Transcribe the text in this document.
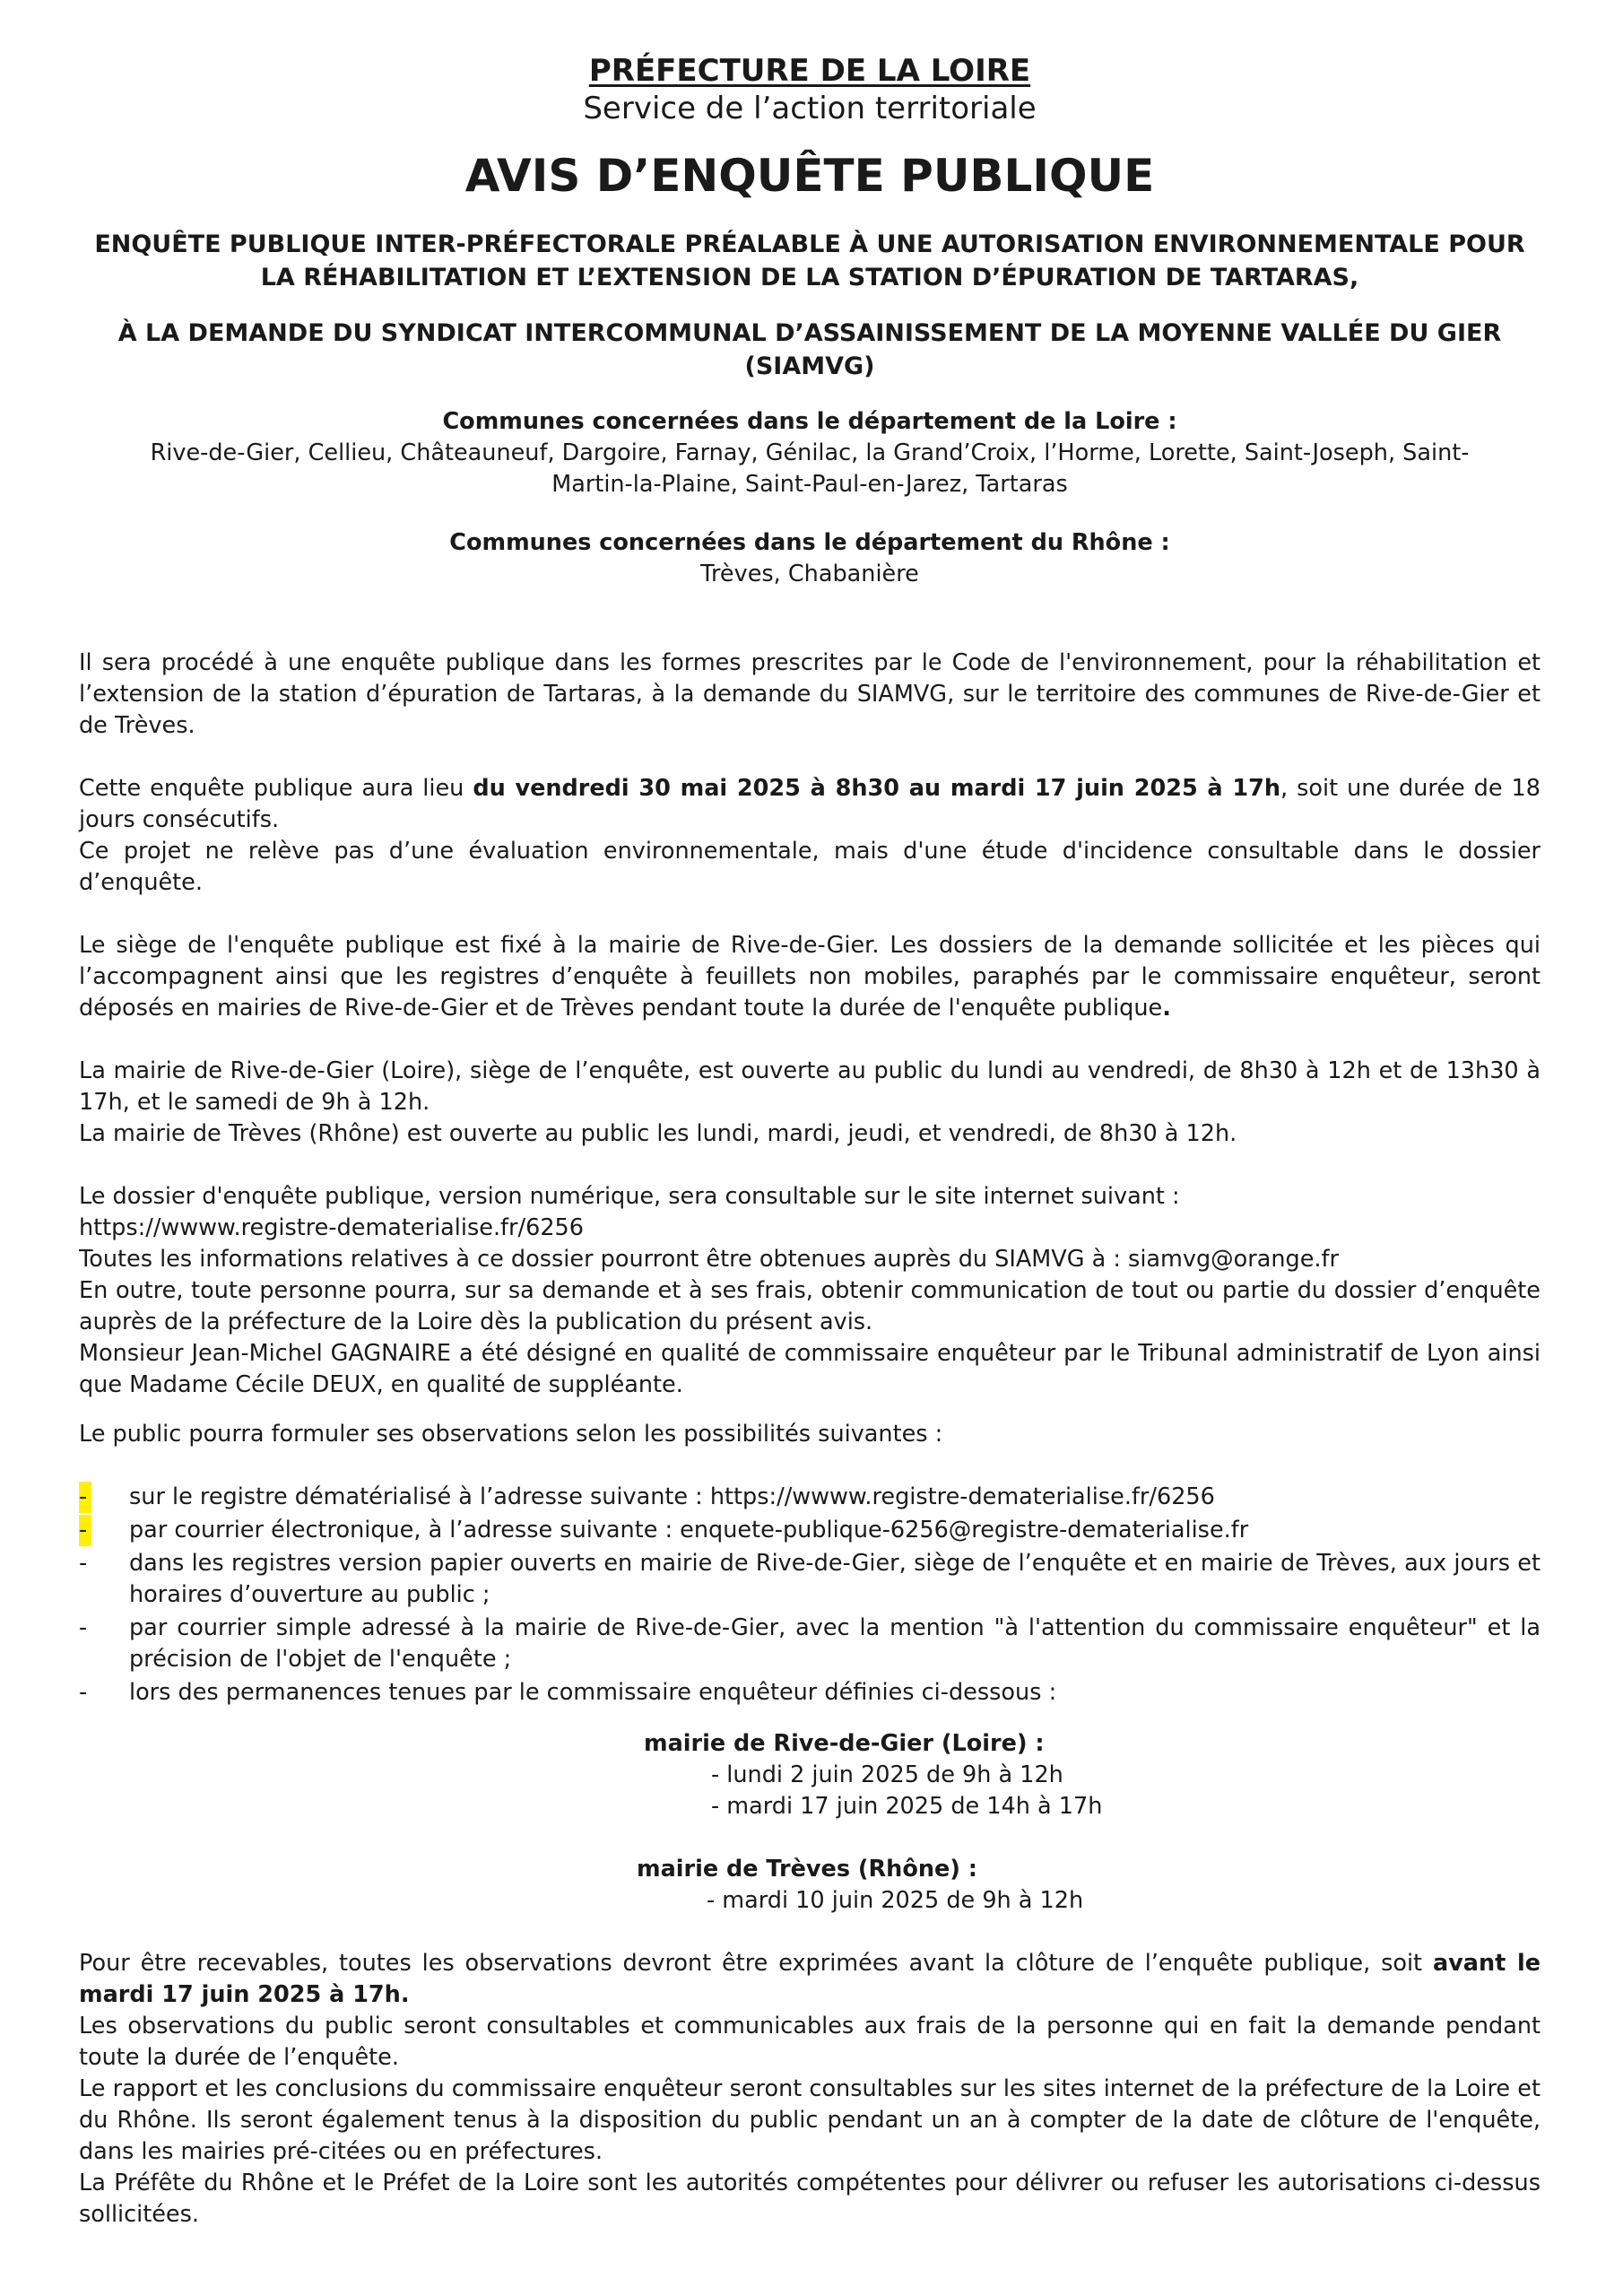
PRÉFECTURE DE LA LOIRE
Service de l’action territoriale
AVIS D’ENQUÊTE PUBLIQUE
ENQUÊTE PUBLIQUE INTER-PRÉFECTORALE PRÉALABLE À UNE AUTORISATION ENVIRONNEMENTALE POUR LA RÉHABILITATION ET L’EXTENSION DE LA STATION D’ÉPURATION DE TARTARAS,
À LA DEMANDE DU SYNDICAT INTERCOMMUNAL D’ASSAINISSEMENT DE LA MOYENNE VALLÉE DU GIER (SIAMVG)
Communes concernées dans le département de la Loire :
Rive-de-Gier, Cellieu, Châteauneuf, Dargoire, Farnay, Génilac, la Grand’Croix, l’Horme, Lorette, Saint-Joseph, Saint-Martin-la-Plaine, Saint-Paul-en-Jarez, Tartaras
Communes concernées dans le département du Rhône :
Trèves, Chabanière

Il sera procédé à une enquête publique dans les formes prescrites par le Code de l'environnement, pour la réhabilitation et l’extension de la station d’épuration de Tartaras, à la demande du SIAMVG, sur le territoire des communes de Rive-de-Gier et de Trèves.

Cette enquête publique aura lieu du vendredi 30 mai 2025 à 8h30 au mardi 17 juin 2025 à 17h, soit une durée de 18 jours consécutifs.

Ce projet ne relève pas d’une évaluation environnementale, mais d'une étude d'incidence consultable dans le dossier d’enquête.

Le siège de l'enquête publique est fixé à la mairie de Rive-de-Gier. Les dossiers de la demande sollicitée et les pièces qui l’accompagnent ainsi que les registres d’enquête à feuillets non mobiles, paraphés par le commissaire enquêteur, seront déposés en mairies de Rive-de-Gier et de Trèves pendant toute la durée de l'enquête publique.

La mairie de Rive-de-Gier (Loire), siège de l’enquête, est ouverte au public du lundi au vendredi, de 8h30 à 12h et de 13h30 à 17h, et le samedi de 9h à 12h.

La mairie de Trèves (Rhône) est ouverte au public les lundi, mardi, jeudi, et vendredi, de 8h30 à 12h.

Le dossier d'enquête publique, version numérique, sera consultable sur le site internet suivant :

https://wwww.registre-dematerialise.fr/6256

Toutes les informations relatives à ce dossier pourront être obtenues auprès du SIAMVG à : siamvg@orange.fr

En outre, toute personne pourra, sur sa demande et à ses frais, obtenir communication de tout ou partie du dossier d’enquête auprès de la préfecture de la Loire dès la publication du présent avis.

Monsieur Jean-Michel GAGNAIRE a été désigné en qualité de commissaire enquêteur par le Tribunal administratif de Lyon ainsi que Madame Cécile DEUX, en qualité de suppléante.

Le public pourra formuler ses observations selon les possibilités suivantes :

- sur le registre dématérialisé à l’adresse suivante : https://wwww.registre-dematerialise.fr/6256
- par courrier électronique, à l’adresse suivante : enquete-publique-6256@registre-dematerialise.fr
- dans les registres version papier ouverts en mairie de Rive-de-Gier, siège de l’enquête et en mairie de Trèves, aux jours et horaires d’ouverture au public ;
- par courrier simple adressé à la mairie de Rive-de-Gier, avec la mention "à l'attention du commissaire enquêteur" et la précision de l'objet de l'enquête ;
- lors des permanences tenues par le commissaire enquêteur définies ci-dessous :
mairie de Rive-de-Gier (Loire) :
- lundi 2 juin 2025 de 9h à 12h
- mardi 17 juin 2025 de 14h à 17h
mairie de Trèves (Rhône) :
- mardi 10 juin 2025 de 9h à 12h

Pour être recevables, toutes les observations devront être exprimées avant la clôture de l’enquête publique, soit avant le mardi 17 juin 2025 à 17h.

Les observations du public seront consultables et communicables aux frais de la personne qui en fait la demande pendant toute la durée de l’enquête.

Le rapport et les conclusions du commissaire enquêteur seront consultables sur les sites internet de la préfecture de la Loire et du Rhône. Ils seront également tenus à la disposition du public pendant un an à compter de la date de clôture de l'enquête, dans les mairies pré-citées ou en préfectures.

La Préfête du Rhône et le Préfet de la Loire sont les autorités compétentes pour délivrer ou refuser les autorisations ci-dessus sollicitées.
